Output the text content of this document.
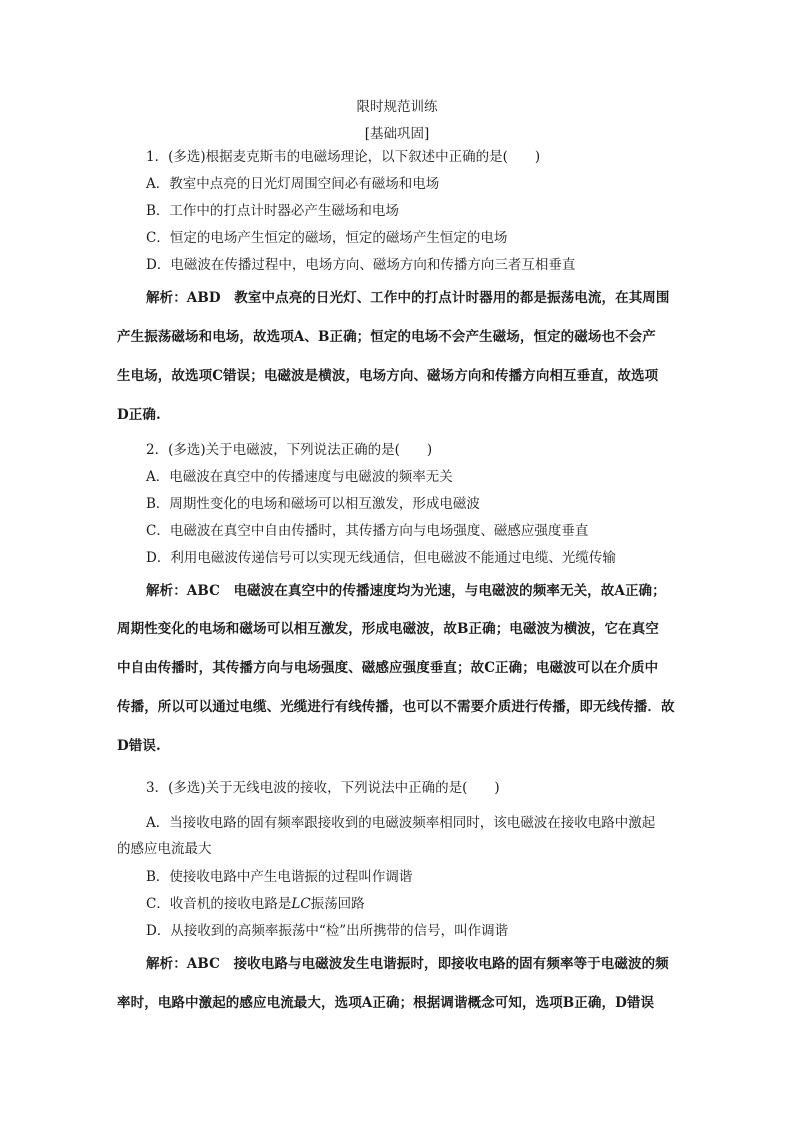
限时规范训练
[基础巩固]
1．(多选)根据麦克斯韦的电磁场理论，以下叙述中正确的是(　　)
A．教室中点亮的日光灯周围空间必有磁场和电场
B．工作中的打点计时器必产生磁场和电场
C．恒定的电场产生恒定的磁场，恒定的磁场产生恒定的电场
D．电磁波在传播过程中，电场方向、磁场方向和传播方向三者互相垂直
解析：ABD　教室中点亮的日光灯、工作中的打点计时器用的都是振荡电流，在其周围
产生振荡磁场和电场，故选项A、B正确；恒定的电场不会产生磁场，恒定的磁场也不会产
生电场，故选项C错误；电磁波是横波，电场方向、磁场方向和传播方向相互垂直，故选项
D正确.
2．(多选)关于电磁波，下列说法正确的是(　　)
A．电磁波在真空中的传播速度与电磁波的频率无关
B．周期性变化的电场和磁场可以相互激发，形成电磁波
C．电磁波在真空中自由传播时，其传播方向与电场强度、磁感应强度垂直
D．利用电磁波传递信号可以实现无线通信，但电磁波不能通过电缆、光缆传输
解析：ABC　电磁波在真空中的传播速度均为光速，与电磁波的频率无关，故A正确；
周期性变化的电场和磁场可以相互激发，形成电磁波，故B正确；电磁波为横波，它在真空
中自由传播时，其传播方向与电场强度、磁感应强度垂直；故C正确；电磁波可以在介质中
传播，所以可以通过电缆、光缆进行有线传播，也可以不需要介质进行传播，即无线传播．故
D错误.
3．(多选)关于无线电波的接收，下列说法中正确的是(　　)
A．当接收电路的固有频率跟接收到的电磁波频率相同时，该电磁波在接收电路中激起
的感应电流最大
B．使接收电路中产生电谐振的过程叫作调谐
C．收音机的接收电路是LC振荡回路
D．从接收到的高频率振荡中“检”出所携带的信号，叫作调谐
解析：ABC　接收电路与电磁波发生电谐振时，即接收电路的固有频率等于电磁波的频
率时，电路中激起的感应电流最大，选项A正确；根据调谐概念可知，选项B正确，D错误
